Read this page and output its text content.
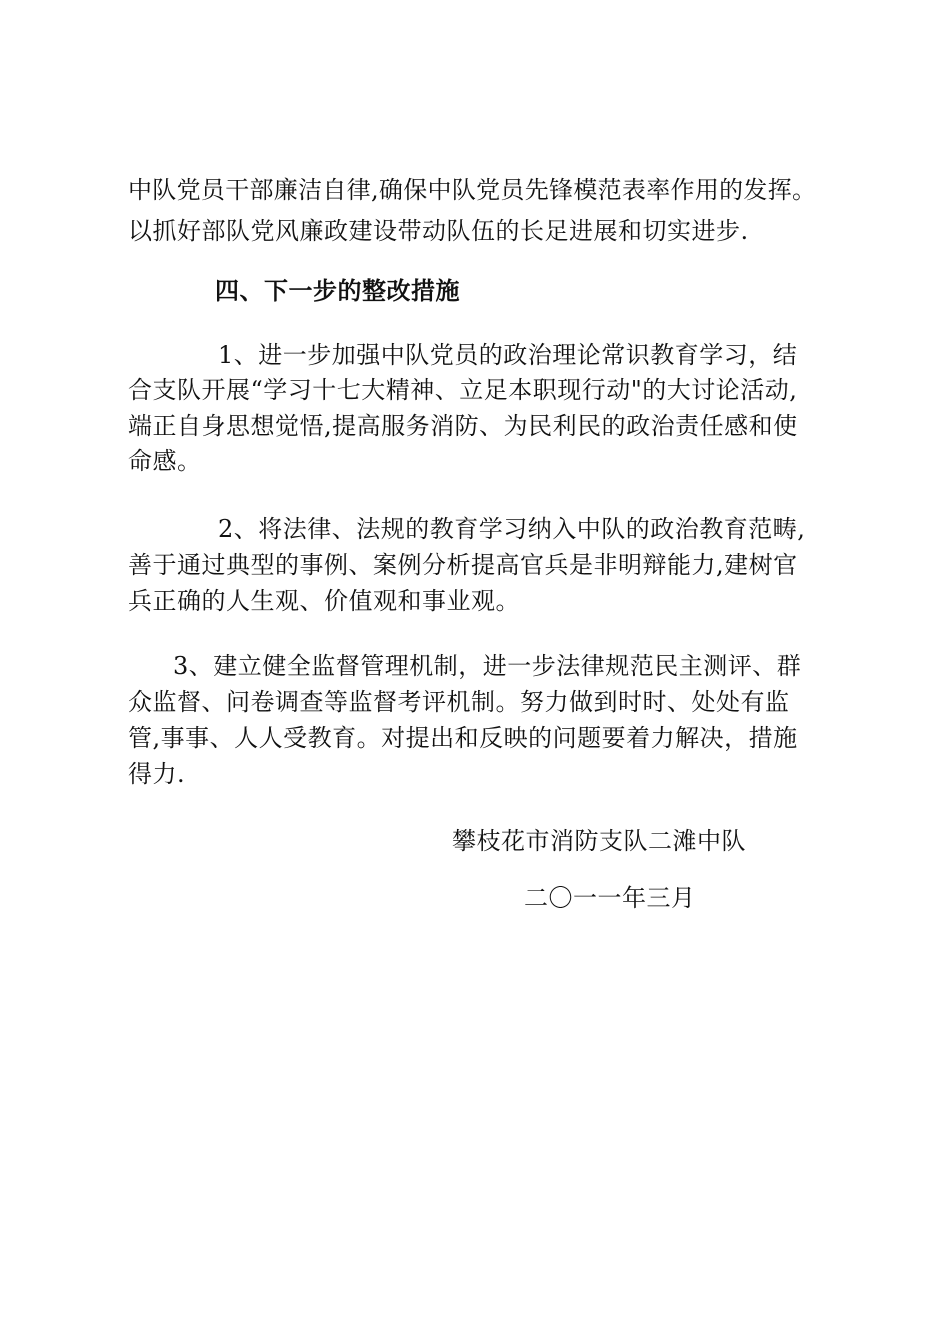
中队党员干部廉洁自律,确保中队党员先锋模范表率作用的发挥。
以抓好部队党风廉政建设带动队伍的长足进展和切实进步.
四、下一步的整改措施
1、进一步加强中队党员的政治理论常识教育学习，结
合支队开展“学习十七大精神、立足本职现行动"的大讨论活动,
端正自身思想觉悟,提高服务消防、为民利民的政治责任感和使
命感。
2、将法律、法规的教育学习纳入中队的政治教育范畴,
善于通过典型的事例、案例分析提高官兵是非明辩能力,建树官
兵正确的人生观、价值观和事业观。
3、建立健全监督管理机制，进一步法律规范民主测评、群
众监督、问卷调查等监督考评机制。努力做到时时、处处有监
管,事事、人人受教育。对提出和反映的问题要着力解决，措施
得力.
攀枝花市消防支队二滩中队
二〇一一年三月
